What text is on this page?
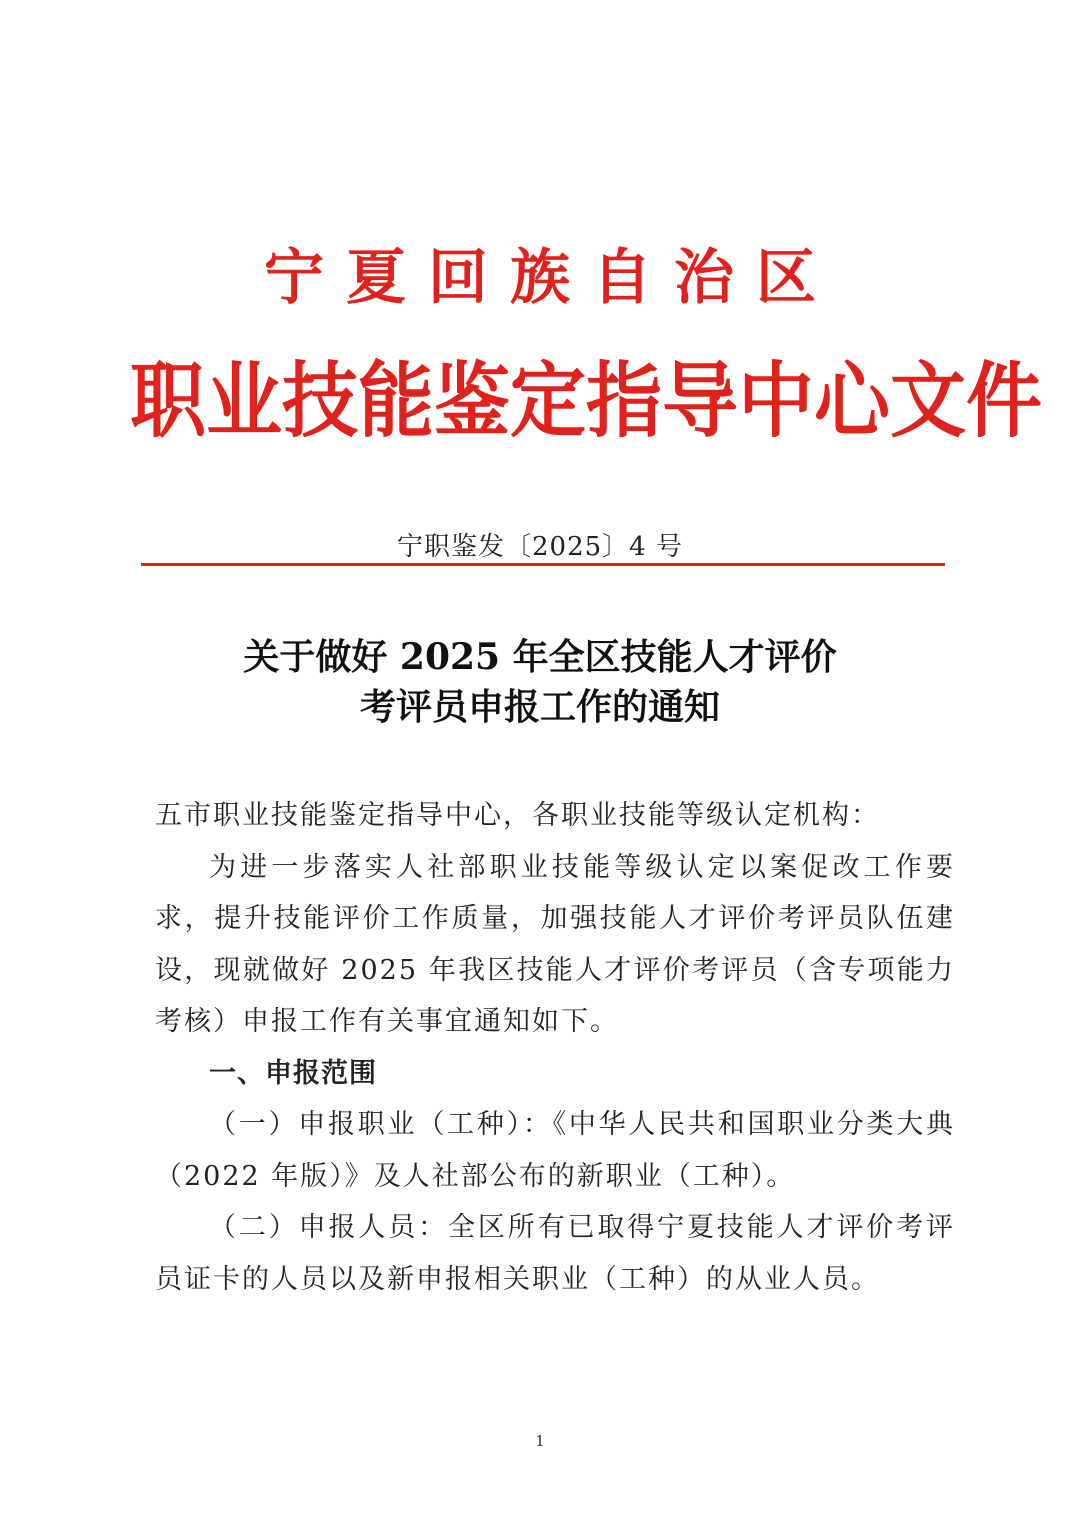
宁夏回族自治区
职业技能鉴定指导中心文件
宁职鉴发〔2025〕4 号
关于做好 2025 年全区技能人才评价
考评员申报工作的通知

五市职业技能鉴定指导中心，各职业技能等级认定机构：

为进一步落实人社部职业技能等级认定以案促改工作要求，提升技能评价工作质量，加强技能人才评价考评员队伍建设，现就做好 2025 年我区技能人才评价考评员（含专项能力考核）申报工作有关事宜通知如下。

一、申报范围

（一）申报职业（工种）：《中华人民共和国职业分类大典（2022 年版）》及人社部公布的新职业（工种）。

（二）申报人员：全区所有已取得宁夏技能人才评价考评员证卡的人员以及新申报相关职业（工种）的从业人员。

1
